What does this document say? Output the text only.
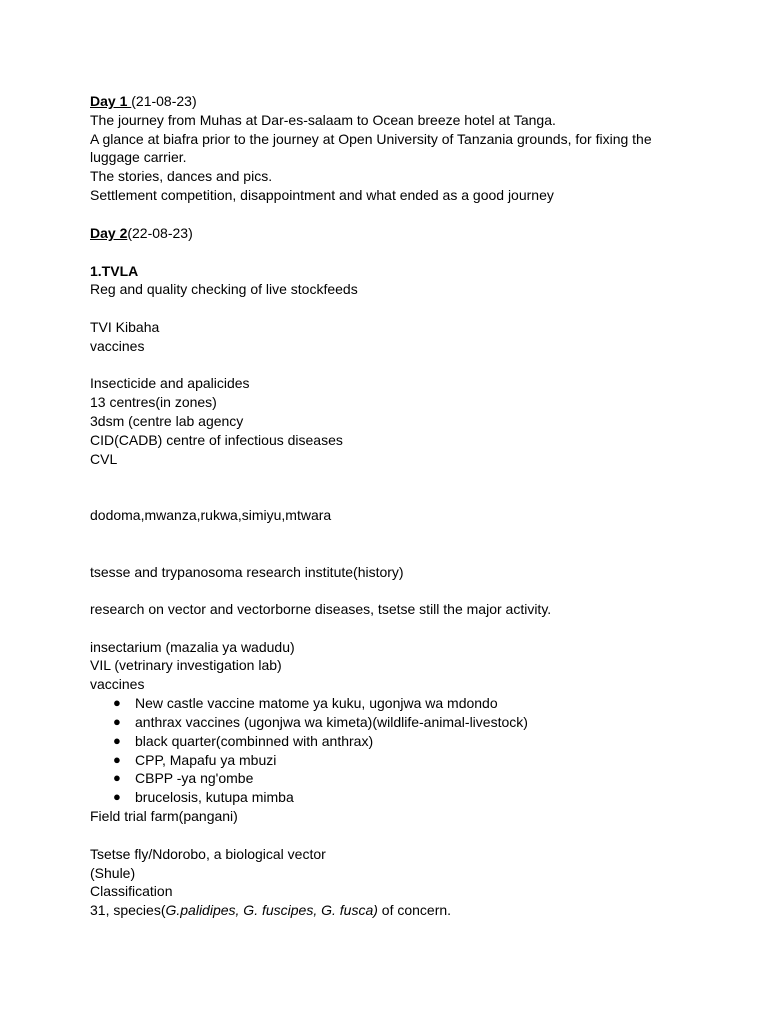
Day 1 (21-08-23)
The journey from Muhas at Dar-es-salaam to Ocean breeze hotel at Tanga.
A glance at biafra prior to the journey at Open University of Tanzania grounds, for fixing the
luggage carrier.
The stories, dances and pics.
Settlement competition, disappointment and what ended as a good journey
Day 2(22-08-23)
1.TVLA
Reg and quality checking of live stockfeeds
TVI Kibaha
vaccines
Insecticide and apalicides
13 centres(in zones)
3dsm (centre lab agency
CID(CADB) centre of infectious diseases
CVL
dodoma,mwanza,rukwa,simiyu,mtwara
tsesse and trypanosoma research institute(history)
research on vector and vectorborne diseases, tsetse still the major activity.
insectarium (mazalia ya wadudu)
VIL (vetrinary investigation lab)
vaccines
● New castle vaccine matome ya kuku, ugonjwa wa mdondo
● anthrax vaccines (ugonjwa wa kimeta)(wildlife-animal-livestock)
● black quarter(combinned with anthrax)
● CPP, Mapafu ya mbuzi
● CBPP -ya ng'ombe
● brucelosis, kutupa mimba
Field trial farm(pangani)
Tsetse fly/Ndorobo, a biological vector
(Shule)
Classification
31, species(G.palidipes, G. fuscipes, G. fusca) of concern.
